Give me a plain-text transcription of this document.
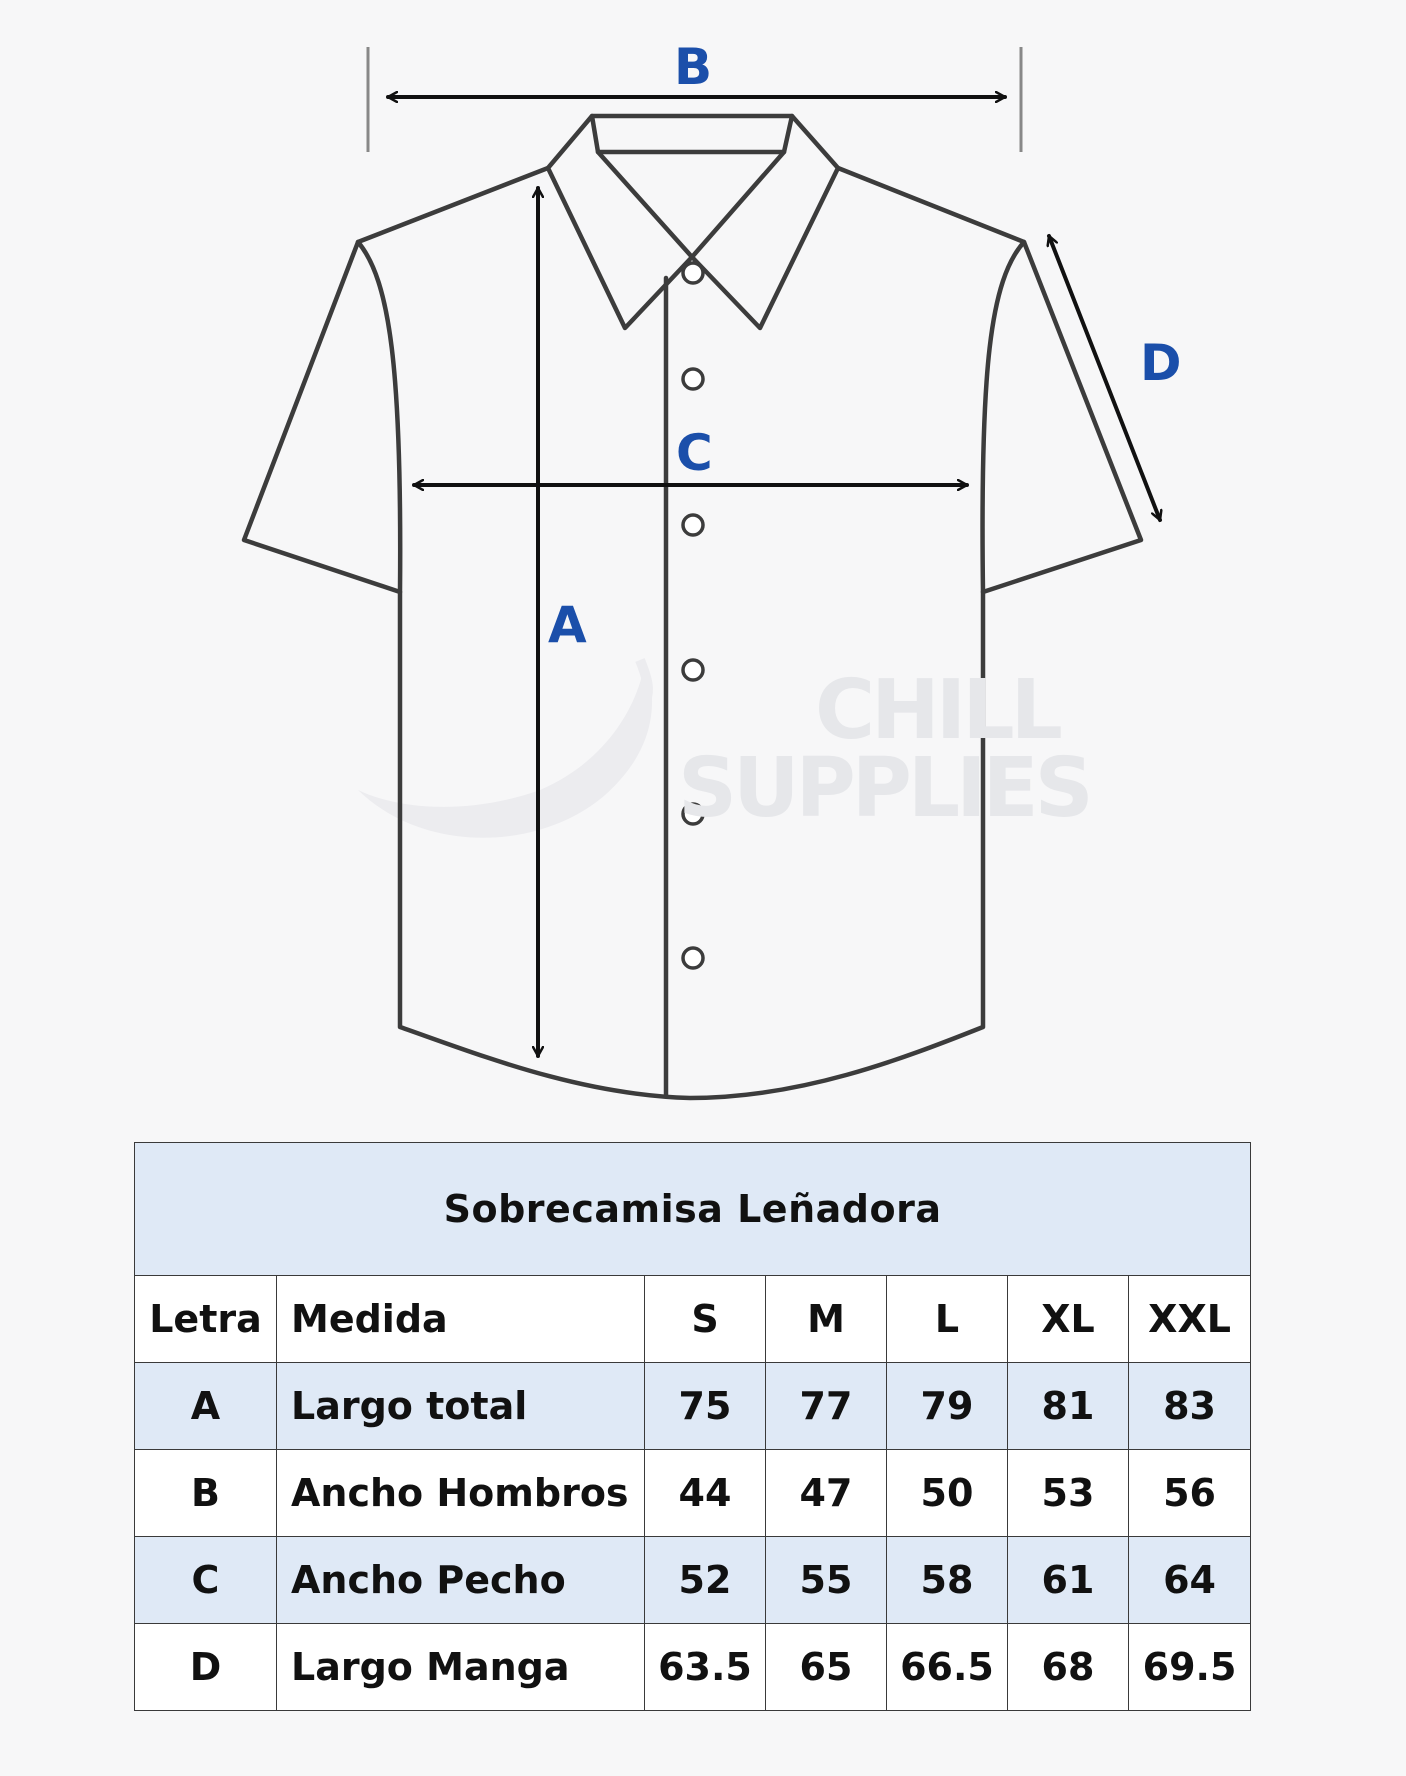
CHILL
SUPPLIES
B
C
A
D
Sobrecamisa Leñadora						
Letra	Medida	S	M	L	XL	XXL
A	Largo total	75	77	79	81	83
B	Ancho Hombros	44	47	50	53	56
C	Ancho Pecho	52	55	58	61	64
D	Largo Manga	63.5	65	66.5	68	69.5
